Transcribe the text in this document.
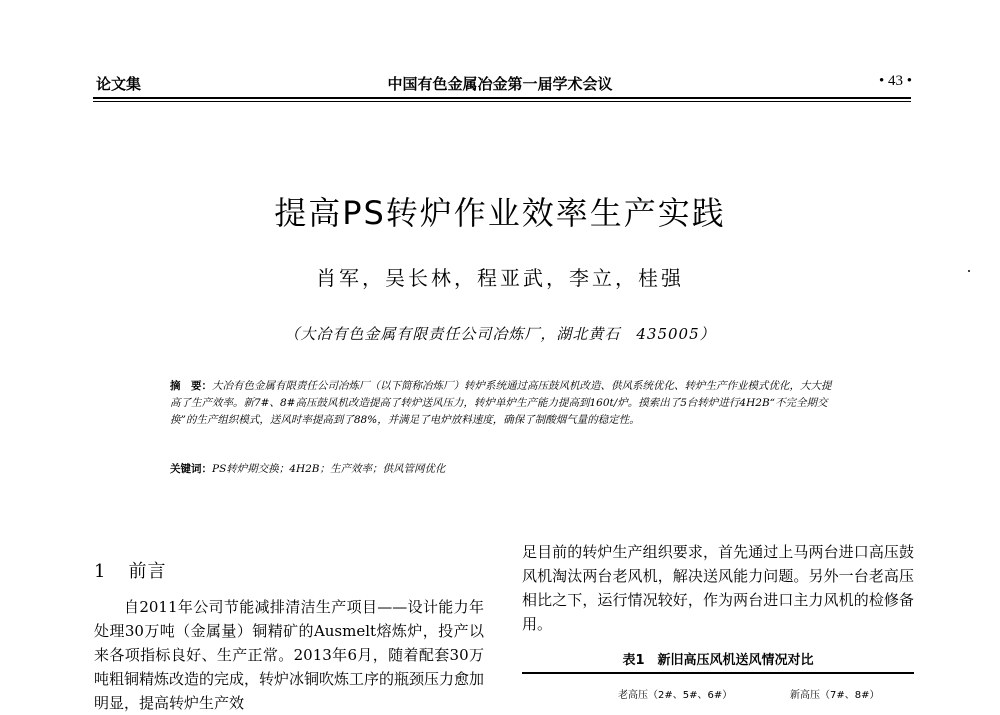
论文集	中国有色金属冶金第一届学术会议	• 43 •
提高PS转炉作业效率生产实践
肖军，吴长林，程亚武，李立，桂强
（大冶有色金属有限责任公司冶炼厂，湖北黄石　435005）
摘　要：大冶有色金属有限责任公司冶炼厂（以下简称冶炼厂）转炉系统通过高压鼓风机改造、供风系统优化、转炉生产作业模式优化，大大提高了生产效率。新7#、8#高压鼓风机改造提高了转炉送风压力，转炉单炉生产能力提高到160t/炉。摸索出了5台转炉进行4H2B“不完全期交换”的生产组织模式，送风时率提高到了88%，并满足了电炉放料速度，确保了制酸烟气量的稳定性。
关键词：PS转炉期交换；4H2B；生产效率；供风管网优化
1 前言
自2011年公司节能减排清洁生产项目——设计能力年处理30万吨（金属量）铜精矿的Ausmelt熔炼炉，投产以来各项指标良好、生产正常。2013年6月，随着配套30万吨粗铜精炼改造的完成，转炉冰铜吹炼工序的瓶颈压力愈加明显，提高转炉生产效
足目前的转炉生产组织要求，首先通过上马两台进口高压鼓风机淘汰两台老风机，解决送风能力问题。另外一台老高压相比之下，运行情况较好，作为两台进口主力风机的检修备用。
表1　新旧高压风机送风情况对比
老高压（2#、5#、6#）	新高压（7#、8#）
